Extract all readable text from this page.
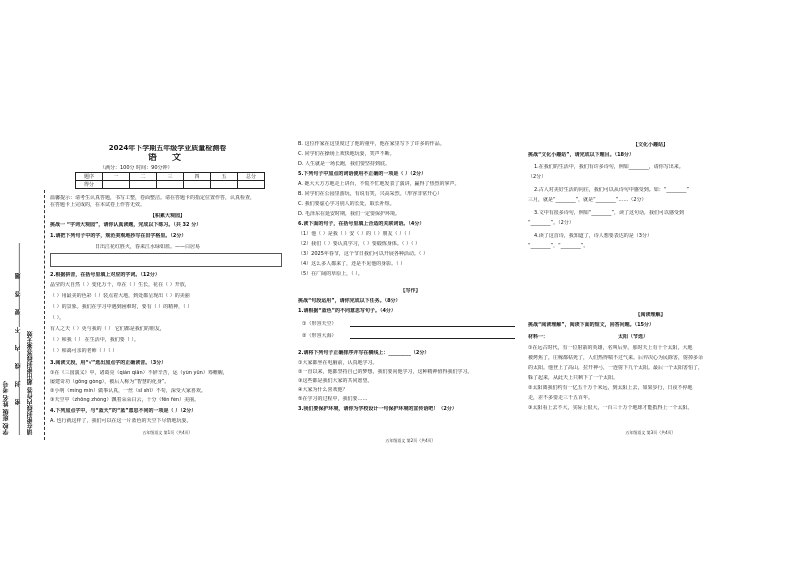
学校 班级 姓名 考号 ……………密……封……线……内……不……要……答……题…………… 请在密封线内作答 超出密封线答案无效
2024年下学期五年级学业质量检测卷
语 文
（满分：100分 时间：90分钟）
题序	一	二	三	四	五	总分
得分						
温馨提示：请考生认真答题，书写工整，卷面整洁。请在答题卡的指定位置作答，认真检查，
在答题卡上完成的，在本试卷上作答无效。
【积累大观园】
挑战一 “字词大观园”，请你认真读题，完成以下练习。（共 32 分）
1.请把下列句子中的字，规范美观地抄写在田字格里。（2分）
日出江花红胜火，春来江水绿如蓝。——白居易
2.根据拼音，在括号里填上对应的字词。（12分）
晶莹的大自然（ ）变化万千，草在（ ）生长，花在（ ）开放，
（ ）用最美的色彩（ ）装点着大地，到处都呈现出（ ）的美丽
（ ）的景象。我们在学习中遇到困难时，要有（ ）的精神，（ ）
（ ）。
有人之天（ ）更与我的（ ） 它们都是我们的朋友，
（ ）和我（ ） 在生活中，我们要（ ）。
（ ）和蔼可亲的老师（ ）（ ）
3.阅读文段，用“√”选出加点字的正确读音。（3分）
①在《三国演义》中，诸葛亮（qián qiǎn）不辞辛苦，运（yùn yūn）筹帷幄，
屡建奇功（gōng gòng），被后人称为“智慧的化身”。
②小明（míng mín）做事认真，一丝（sī shī）不苟，深受大家喜欢。
③天空中（zhōng zhòng）飘着朵朵白云，十分（fēn fèn）美丽。
4.下列加点字中，与“蓝天”的“蓝”意思不同的一项是（ ）（2分）
A. 也行就这样了，我们可以在这一片蓝色的天空下尽情地玩耍。
五年级语文 第1页（共4页）
B. 这位作家在这里度过了他的童年，他在家里写下了许多的作品。
C. 同学们在操场上欢快地玩耍，笑声不断。
D. 人生就是一场长跑，我们要坚持到底。
5.下列句子中加点的词语使用不正确的一项是（ ）（2分）
A. 她大大方方地走上讲台，不慌不忙地发表了演讲，赢得了热烈的掌声。
B. 同学们在公园里游玩，有说有笑，兴高采烈。（形容非常开心）
C. 我们要虚心学习别人的长处，取长补短。
D. 毛泽东在延安时期，我们一定要保护环境。
6.读下面的句子，在括号里填上合适的关联词语。（4分）
（1）他（ ）是我（ ）安（ ）的（ ）朋友（ ）（ ）
（2）我们（ ）要认真学习，（ ）要锻炼身体。（ ）（ ）
（3）2025年春节，这个节日我们可以开展各种活动。（ ）
（4）这么多人都来了，还是不见他的身影。（ ）
（5）在广阔的草原上，（ ）。
【写作】
挑战“句段运用”，请你完成以下任务。（8分）
1.请根据“蓝色”的不同意思写句子。（4分）
①（形容天空）
②（形容大海）
2.请将下列句子正确排序并写在横线上：_________（2分）
①大家都坐在电脑前，认真地学习。
②一直以来，他都坚持自己的梦想，我们要向他学习，这种精神值得我们学习。
③这些都是我们大家的共同愿望。
④大家为什么喜欢他？
⑤在学习的过程中，我们要……
3.我们要保护环境，请你为学校设计一句保护环境的宣传语吧！（2分）
五年级语文 第2页（共4页）
【文化小趣站】
挑战“文化小趣站”，请完成以下题目。（18分）
1.在我们的生活中，我们有许多诗句，例如________，请你写出来。
（2分）
2.古人对美好生活的向往，我们可以从诗句中感受到。如：“________”
三月，就是“________”，就是“________”……（2分）
3.文中有很多诗句，例如“________”，读了这句话，我们可以感受到
“________”。（2分）
4.读了这首诗，我知道了，诗人想要表达的是（3分）
“________”，“________”。
【阅读理解】
挑战“阅读理解”，阅读下面的短文，回答问题。（15分）
材料一：	太阳（节选）
①在远古时代，有一位射箭的英雄，名叫后羿。那时天上有十个太阳，大地
被烤焦了，庄稼都枯死了，人们热得喘不过气来。后羿决心为民除害，射掉多余
的太阳。他登上了高山，拉开神弓，一连射下九个太阳。最后一个太阳害怕了，
躲了起来，从此天上只剩下了一个太阳。
②太阳离我们约有一亿五千万千米远，到太阳上去，如果步行，日夜不停地
走，差不多要走三千五百年。
③太阳看上去不大，实际上很大，一百三十万个地球才能抵得上一个太阳。
五年级语文 第3页（共4页）
